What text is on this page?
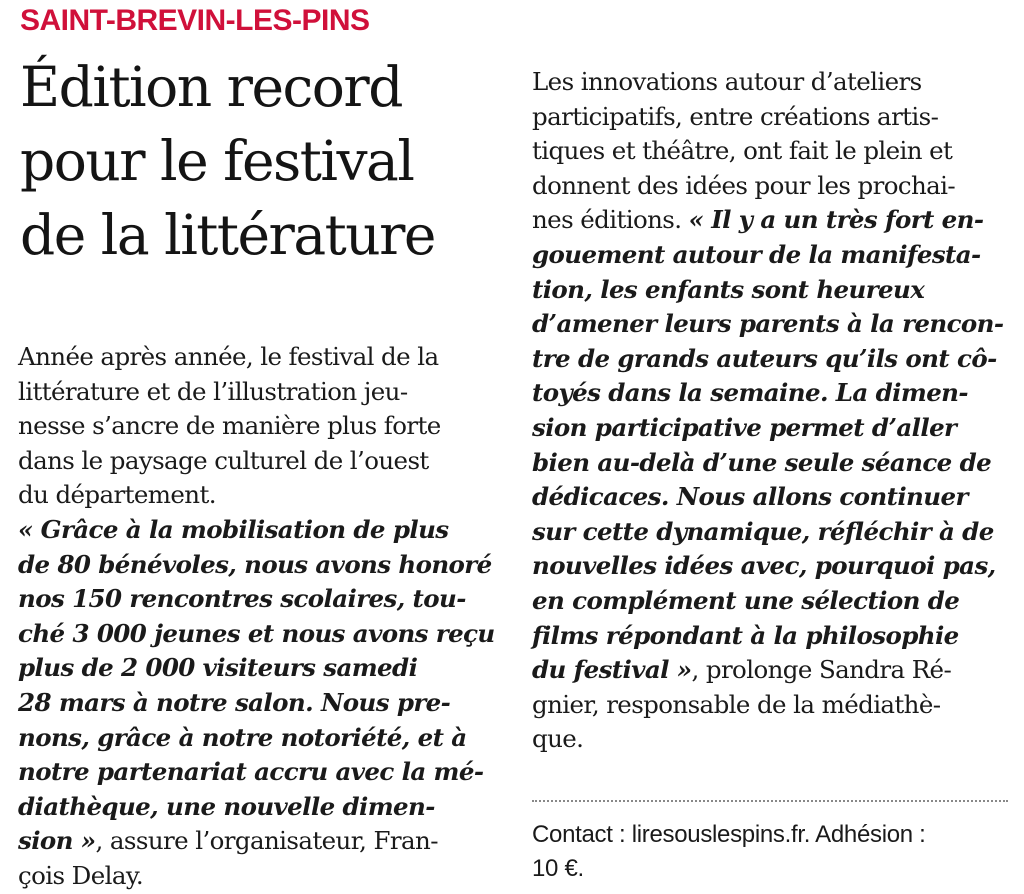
SAINT-BREVIN-LES-PINS
Édition record
pour le festival
de la littérature
Année après année, le festival de la
littérature et de l’illustration jeu-
nesse s’ancre de manière plus forte
dans le paysage culturel de l’ouest
du département.
« Grâce à la mobilisation de plus
de 80 bénévoles, nous avons honoré
nos 150 rencontres scolaires, tou-
ché 3 000 jeunes et nous avons reçu
plus de 2 000 visiteurs samedi
28 mars à notre salon. Nous pre-
nons, grâce à notre notoriété, et à
notre partenariat accru avec la mé-
diathèque, une nouvelle dimen-
sion », assure l’organisateur, Fran-
çois Delay.
Les innovations autour d’ateliers
participatifs, entre créations artis-
tiques et théâtre, ont fait le plein et
donnent des idées pour les prochai-
nes éditions. « Il y a un très fort en-
gouement autour de la manifesta-
tion, les enfants sont heureux
d’amener leurs parents à la rencon-
tre de grands auteurs qu’ils ont cô-
toyés dans la semaine. La dimen-
sion participative permet d’aller
bien au-delà d’une seule séance de
dédicaces. Nous allons continuer
sur cette dynamique, réfléchir à de
nouvelles idées avec, pourquoi pas,
en complément une sélection de
films répondant à la philosophie
du festival », prolonge Sandra Ré-
gnier, responsable de la médiathè-
que.
Contact : liresouslespins.fr. Adhésion :
10 €.
